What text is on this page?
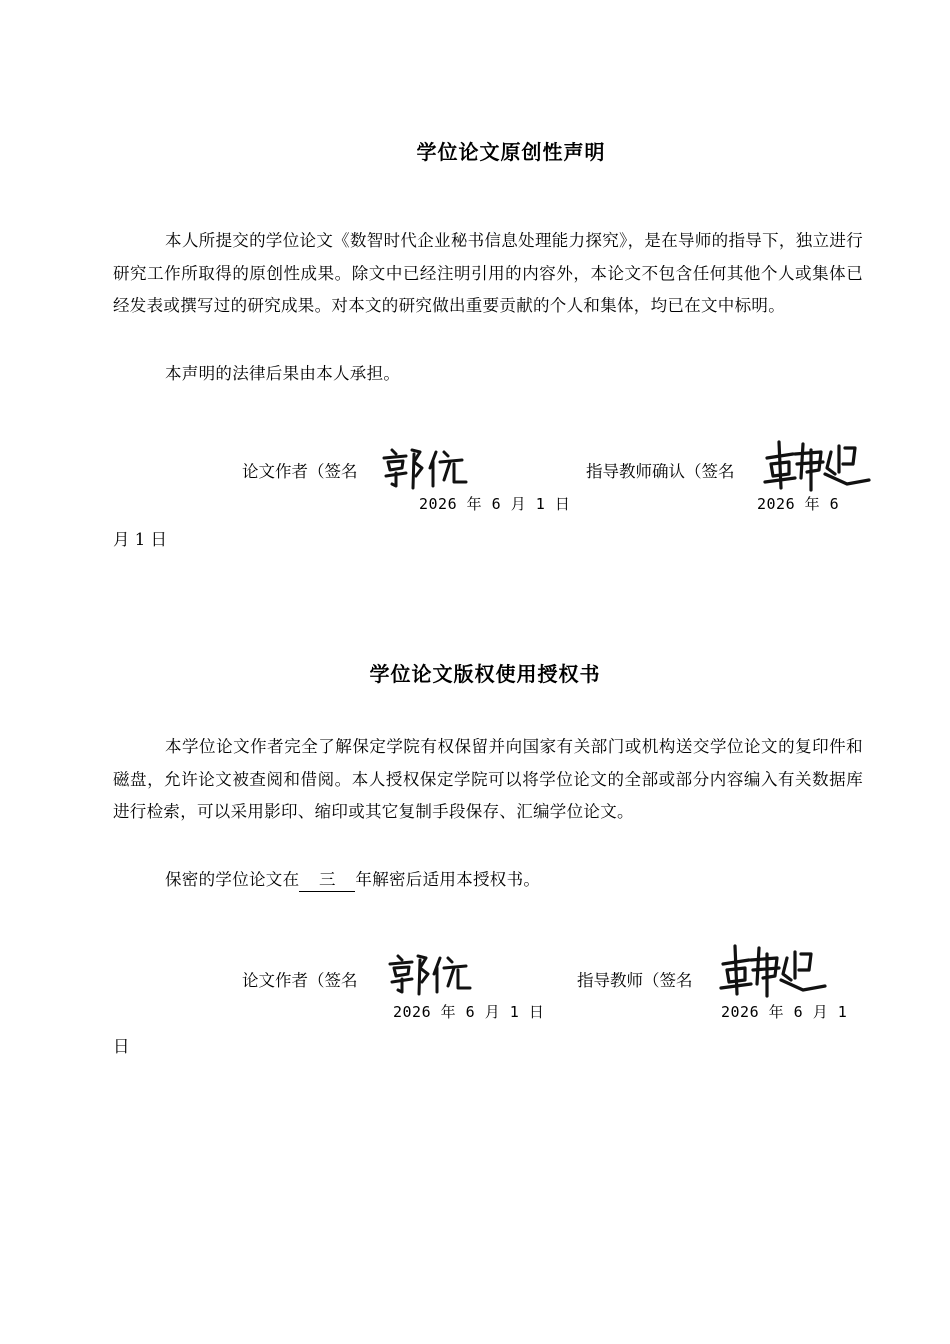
学位论文原创性声明
本人所提交的学位论文《数智时代企业秘书信息处理能力探究》，是在导师的指导下，独立进行研究工作所取得的原创性成果。除文中已经注明引用的内容外，本论文不包含任何其他个人或集体已经发表或撰写过的研究成果。对本文的研究做出重要贡献的个人和集体，均已在文中标明。
本声明的法律后果由本人承担。
论文作者（签名
2026 年 6 月 1 日
指导教师确认（签名
2026 年 6
月 1 日
学位论文版权使用授权书
本学位论文作者完全了解保定学院有权保留并向国家有关部门或机构送交学位论文的复印件和磁盘，允许论文被查阅和借阅。本人授权保定学院可以将学位论文的全部或部分内容编入有关数据库进行检索，可以采用影印、缩印或其它复制手段保存、汇编学位论文。
保密的学位论文在 三 年解密后适用本授权书。
论文作者（签名
2026 年 6 月 1 日
指导教师（签名
2026 年 6 月 1
日
